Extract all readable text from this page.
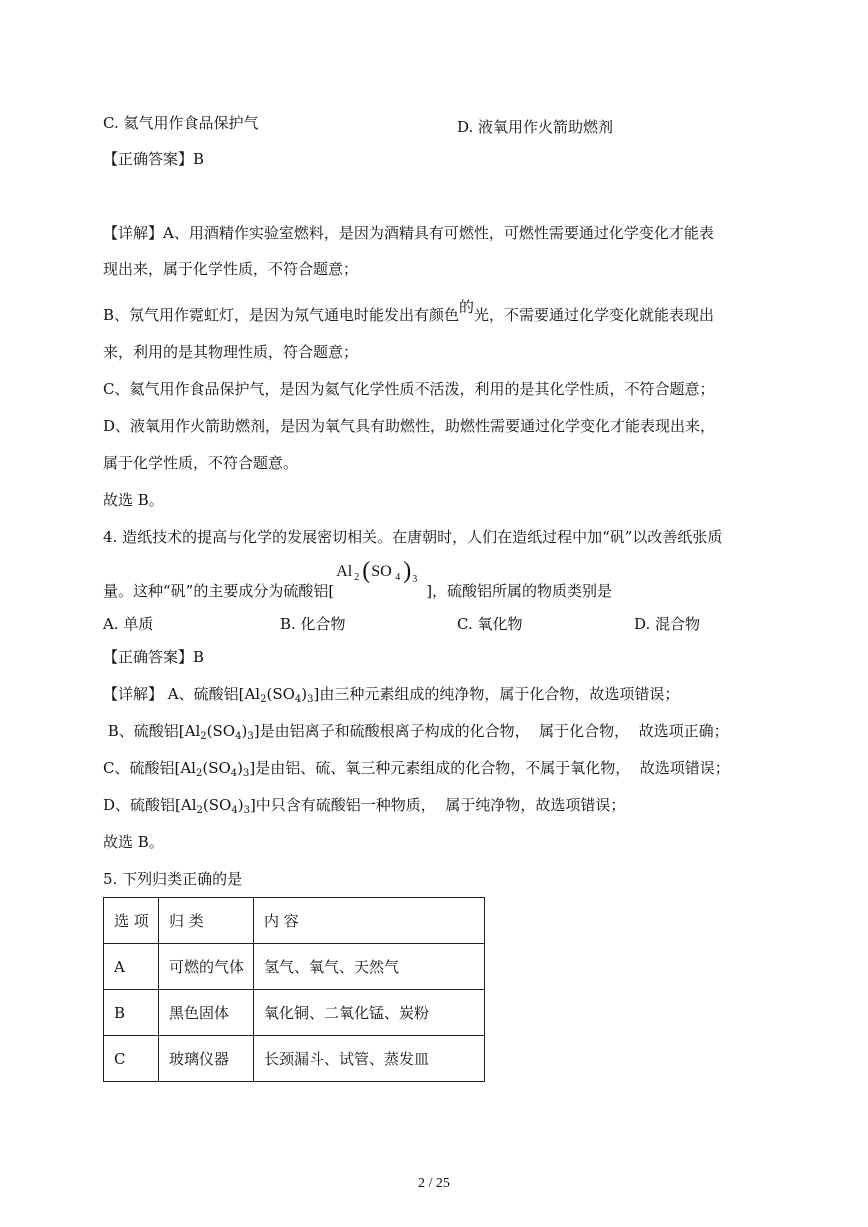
C. 氦气用作食品保护气	D. 液氧用作火箭助燃剂
【正确答案】B
【详解】A、用酒精作实验室燃料，是因为酒精具有可燃性，可燃性需要通过化学变化才能表
现出来，属于化学性质，不符合题意；
B、氖气用作霓虹灯，是因为氖气通电时能发出有颜色的光，不需要通过化学变化就能表现出
来，利用的是其物理性质，符合题意；
C、氦气用作食品保护气，是因为氦气化学性质不活泼，利用的是其化学性质，不符合题意；
D、液氧用作火箭助燃剂，是因为氧气具有助燃性，助燃性需要通过化学变化才能表现出来，
属于化学性质，不符合题意。
故选 B。
4. 造纸技术的提高与化学的发展密切相关。在唐朝时，人们在造纸过程中加“矾”以改善纸张质
量。这种“矾”的主要成分为硫酸铝[
Al 2 ( SO 4 ) 3
]，硫酸铝所属的物质类别是
A. 单质	B. 化合物	C. 氧化物	D. 混合物
【正确答案】B
【详解】 A、硫酸铝$[Al_2(SO_4)_3]$由三种元素组成的纯净物，属于化合物，故选项错误；
B、硫酸铝$[Al_2(SO_4)_3]$是由铝离子和硫酸根离子构成的化合物，  属于化合物，  故选项正确；
C、硫酸铝$[Al_2(SO_4)_3]$是由铝、硫、氧三种元素组成的化合物，不属于氧化物，  故选项错误；
D、硫酸铝$[Al_2(SO_4)_3]$中只含有硫酸铝一种物质，  属于纯净物，故选项错误；
故选 B。
5. 下列归类正确的是
选 项	归 类	内 容
A	可燃的气体	氢气、氧气、天然气
B	黑色固体	氧化铜、二氧化锰、炭粉
C	玻璃仪器	长颈漏斗、试管、蒸发皿
2 / 25
